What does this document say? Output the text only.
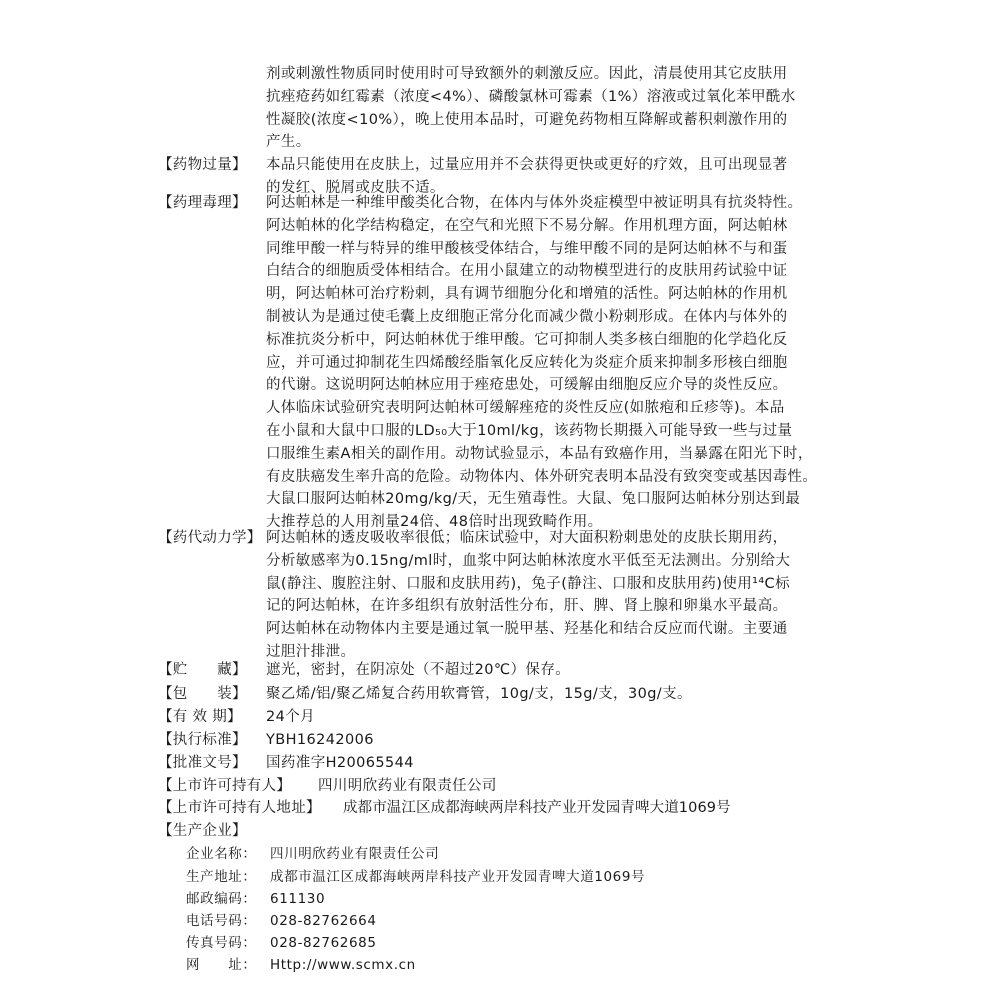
剂或刺激性物质同时使用时可导致额外的刺激反应。因此，清晨使用其它皮肤用
抗痤疮药如红霉素（浓度<4%）、磷酸氯林可霉素（1%）溶液或过氧化苯甲酰水
性凝胶(浓度<10%），晚上使用本品时，可避免药物相互降解或蓄积刺激作用的
产生。
【药物过量】 本品只能使用在皮肤上，过量应用并不会获得更快或更好的疗效，且可出现显著
的发红、脱屑或皮肤不适。
【药理毒理】 阿达帕林是一种维甲酸类化合物，在体内与体外炎症模型中被证明具有抗炎特性。
阿达帕林的化学结构稳定，在空气和光照下不易分解。作用机理方面，阿达帕林
同维甲酸一样与特异的维甲酸核受体结合，与维甲酸不同的是阿达帕林不与和蛋
白结合的细胞质受体相结合。在用小鼠建立的动物模型进行的皮肤用药试验中证
明，阿达帕林可治疗粉刺，具有调节细胞分化和增殖的活性。阿达帕林的作用机
制被认为是通过使毛囊上皮细胞正常分化而减少微小粉刺形成。在体内与体外的
标准抗炎分析中，阿达帕林优于维甲酸。它可抑制人类多核白细胞的化学趋化反
应，并可通过抑制花生四烯酸经脂氧化反应转化为炎症介质来抑制多形核白细胞
的代谢。这说明阿达帕林应用于痤疮患处，可缓解由细胞反应介导的炎性反应。
人体临床试验研究表明阿达帕林可缓解痤疮的炎性反应(如脓疱和丘疹等)。本品
在小鼠和大鼠中口服的LD₅₀大于10ml/kg，该药物长期摄入可能导致一些与过量
口服维生素A相关的副作用。动物试验显示，本品有致癌作用，当暴露在阳光下时，
有皮肤癌发生率升高的危险。动物体内、体外研究表明本品没有致突变或基因毒性。
大鼠口服阿达帕林20mg/kg/天，无生殖毒性。大鼠、兔口服阿达帕林分别达到最
大推荐总的人用剂量24倍、48倍时出现致畸作用。
【药代动力学】 阿达帕林的透皮吸收率很低；临床试验中，对大面积粉刺患处的皮肤长期用药，
分析敏感率为0.15ng/ml时，血浆中阿达帕林浓度水平低至无法测出。分别给大
鼠(静注、腹腔注射、口服和皮肤用药)，兔子(静注、口服和皮肤用药)使用¹⁴C标
记的阿达帕林，在许多组织有放射活性分布，肝、脾、肾上腺和卵巢水平最高。
阿达帕林在动物体内主要是通过氧一脱甲基、羟基化和结合反应而代谢。主要通
过胆汁排泄。
【贮　　藏】 遮光，密封，在阴凉处（不超过20℃）保存。
【包　　装】 聚乙烯/铝/聚乙烯复合药用软膏管，10g/支，15g/支，30g/支。
【有 效 期】 24个月
【执行标准】 YBH16242006
【批准文号】 国药准字H20065544
【上市许可持有人】 四川明欣药业有限责任公司
【上市许可持有人地址】 成都市温江区成都海峡两岸科技产业开发园青啤大道1069号
【生产企业】
企业名称： 四川明欣药业有限责任公司
生产地址： 成都市温江区成都海峡两岸科技产业开发园青啤大道1069号
邮政编码： 611130
电话号码： 028-82762664
传真号码： 028-82762685
网　　址： Http://www.scmx.cn
